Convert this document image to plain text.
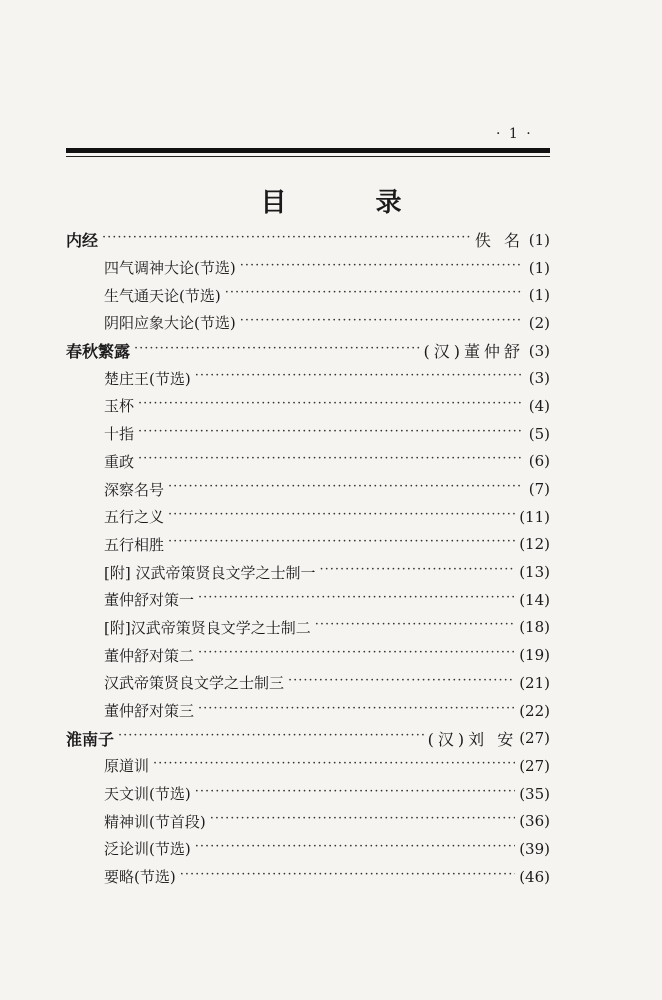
· 1 ·
目 录
内经 ·····	佚 名 (1)
四气调神大论(节选) ·····	(1)
生气通天论(节选) ·····	(1)
阴阳应象大论(节选) ·····	(2)
春秋繁露 ·····	(汉)董仲舒 (3)
楚庄王(节选) ·····	(3)
玉杯 ·····	(4)
十指 ·····	(5)
重政 ·····	(6)
深察名号 ·····	(7)
五行之义 ·····	(11)
五行相胜 ·····	(12)
[附] 汉武帝策贤良文学之士制一 ·····	(13)
董仲舒对策一 ·····	(14)
[附]汉武帝策贤良文学之士制二 ·····	(18)
董仲舒对策二 ·····	(19)
汉武帝策贤良文学之士制三 ·····	(21)
董仲舒对策三 ·····	(22)
淮南子 ·····	(汉)刘 安 (27)
原道训 ·····	(27)
天文训(节选) ·····	(35)
精神训(节首段) ·····	(36)
泛论训(节选) ·····	(39)
要略(节选) ·····	(46)
